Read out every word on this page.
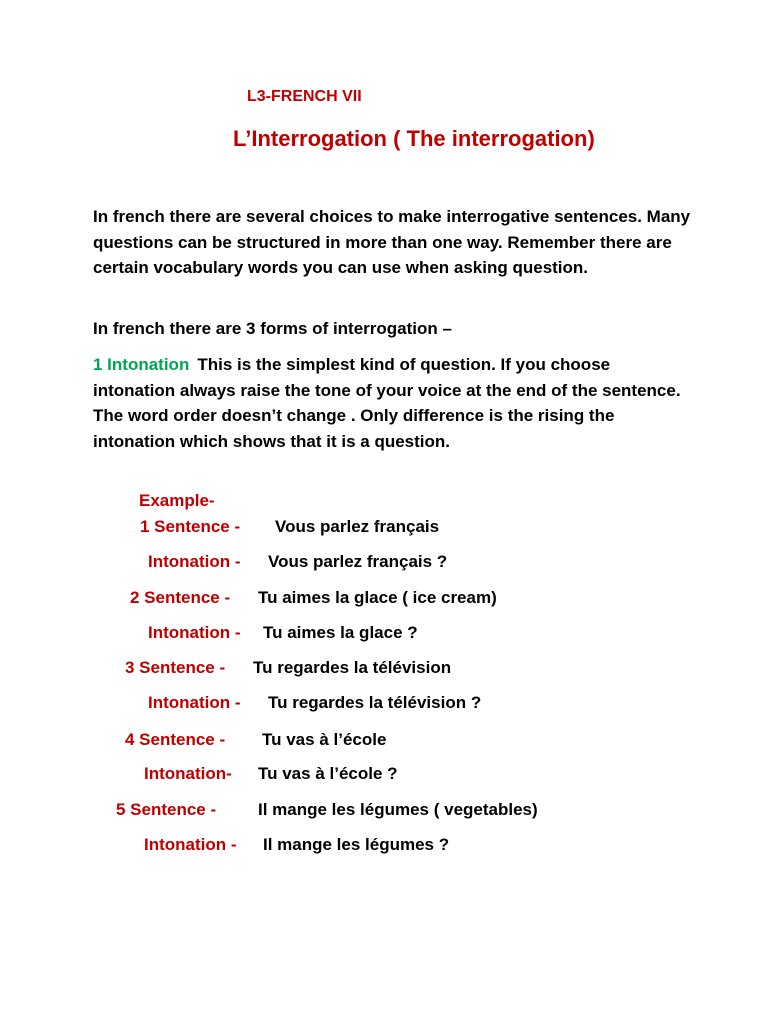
L3-FRENCH VII
L’Interrogation ( The interrogation)
In french there are several choices to make interrogative sentences. Many questions can be structured in more than one way. Remember there are certain vocabulary words you can use when asking question.
In french there are 3 forms of interrogation –
1 Intonation This is the simplest kind of question. If you choose intonation always raise the tone of your voice at the end of the sentence. The word order doesn’t change . Only difference is the rising the intonation which shows that it is a question.
Example-
1 Sentence - Vous parlez français
Intonation - Vous parlez français ?
2 Sentence - Tu aimes la glace ( ice cream)
Intonation - Tu aimes la glace ?
3 Sentence - Tu regardes la télévision
Intonation - Tu regardes la télévision ?
4 Sentence - Tu vas à l’école
Intonation- Tu vas à l’école ?
5 Sentence - Il mange les légumes ( vegetables)
Intonation - Il mange les légumes ?
